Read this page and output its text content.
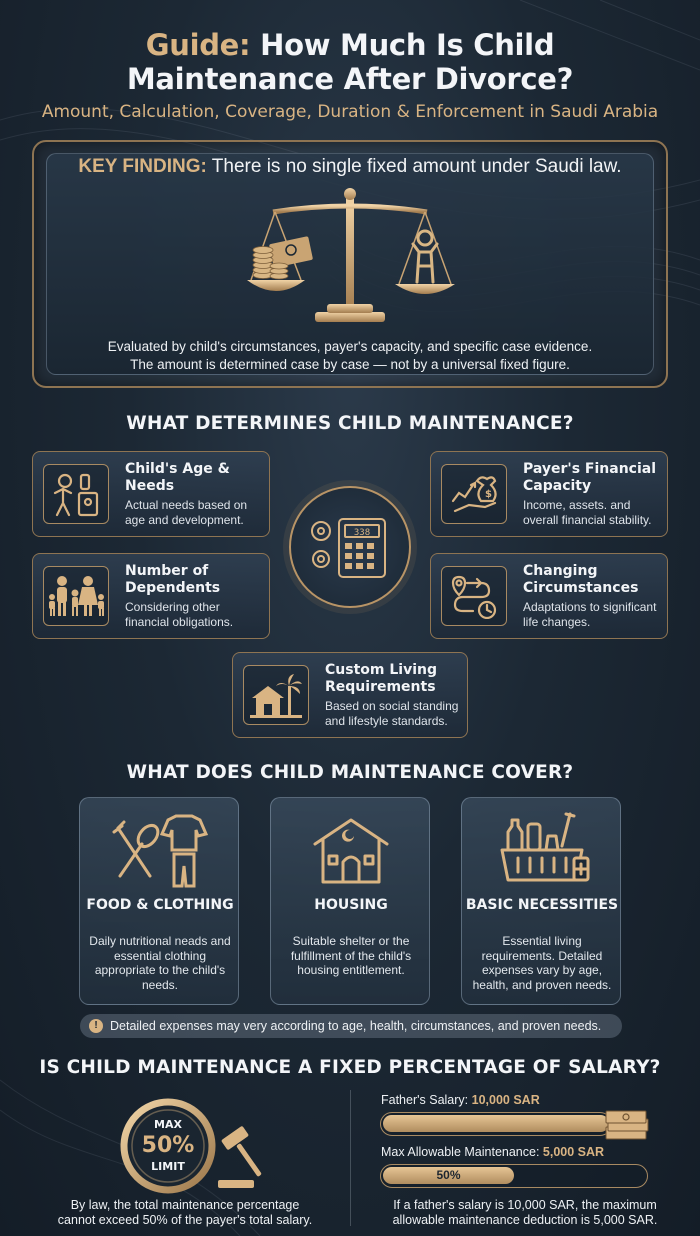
Guide: How Much Is Child
Maintenance After Divorce?
Amount, Calculation, Coverage, Duration & Enforcement in Saudi Arabia
KEY FINDING: There is no single fixed amount under Saudi law.
Evaluated by child's circumstances, payer's capacity, and specific case evidence.
The amount is determined case by case — not by a universal fixed figure.
WHAT DETERMINES CHILD MAINTENANCE?
Child's Age & Needs
Actual needs based on age and development.
$
Payer's Financial Capacity
Income, assets. and overall financial stability.
338
Number of Dependents
Considering other financial obligations.
Changing Circumstances
Adaptations to significant life changes.
Custom Living Requirements
Based on social standing and lifestyle standards.
WHAT DOES CHILD MAINTENANCE COVER?
FOOD & CLOTHING
Daily nutritional neads and essential clothing appropriate to the child's needs.
HOUSING
Suitable shelter or the fulfillment of the child's housing entitlement.
BASIC NECESSITIES
Essential living requirements. Detailed expenses vary by age, health, and proven needs.
! Detailed expenses may very according to age, health, circumstances, and proven needs.
IS CHILD MAINTENANCE A FIXED PERCENTAGE OF SALARY?
MAX
50%
LIMIT
By law, the total maintenance percentage
cannot exceed 50% of the payer's total salary.
Father's Salary: 10,000 SAR
Max Allowable Maintenance: 5,000 SAR
50%
If a father's salary is 10,000 SAR, the maximum
allowable maintenance deduction is 5,000 SAR.
